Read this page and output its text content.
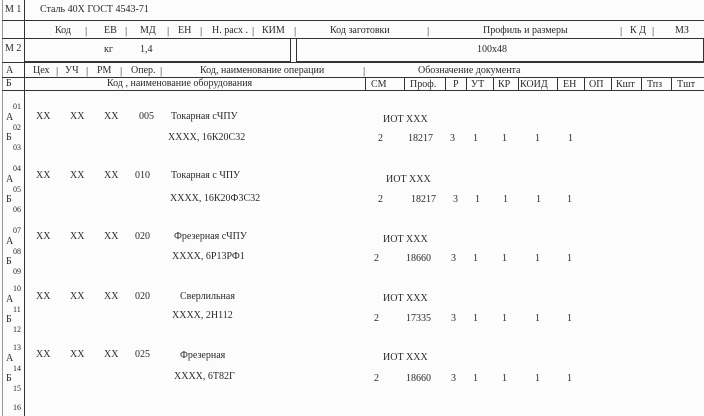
М 1 Сталь 40Х ГОСТ 4543-71
Код | ЕВ | МД | ЕН | Н. расх . | КИМ |	Код заготовки	|	Профиль и размеры	| К Д | МЗ
М 2	кг	1,4	100х48
А Цех | УЧ | РМ | Опер. |	Код, наименование операции	|	Обозначение документа
Б	Код , наименование оборудования	СМ Проф. Р УТ КР КОИД ЕН ОП Кшт Тпз Тшт
01
А
02
Б
03
ХХ ХХ ХХ 005 Токарная сЧПУ	ИОТ ХХХ
ХХХХ, 16К20С32	2	18217 3 1 1	1	1
04
А
05
Б
06
ХХ ХХ ХХ 010 Токарная с ЧПУ	ИОТ ХХХ
ХХХХ, 16К20Ф3С32	2	18217 3 1 1	1	1
07
А
08
Б
09
ХХ ХХ ХХ 020 Фрезерная сЧПУ	ИОТ ХХХ
ХХХХ, 6Р13РФ1	2	18660 3 1 1	1	1
10
А
11
Б
12
ХХ ХХ ХХ 020	Сверлильная	ИОТ ХХХ
ХХХХ, 2Н112	2	17335 3 1 1	1	1
13
А
14
Б
15
ХХ ХХ ХХ 025	Фрезерная	ИОТ ХХХ
ХХХХ, 6Т82Г	2	18660 3 1 1	1	1
16
